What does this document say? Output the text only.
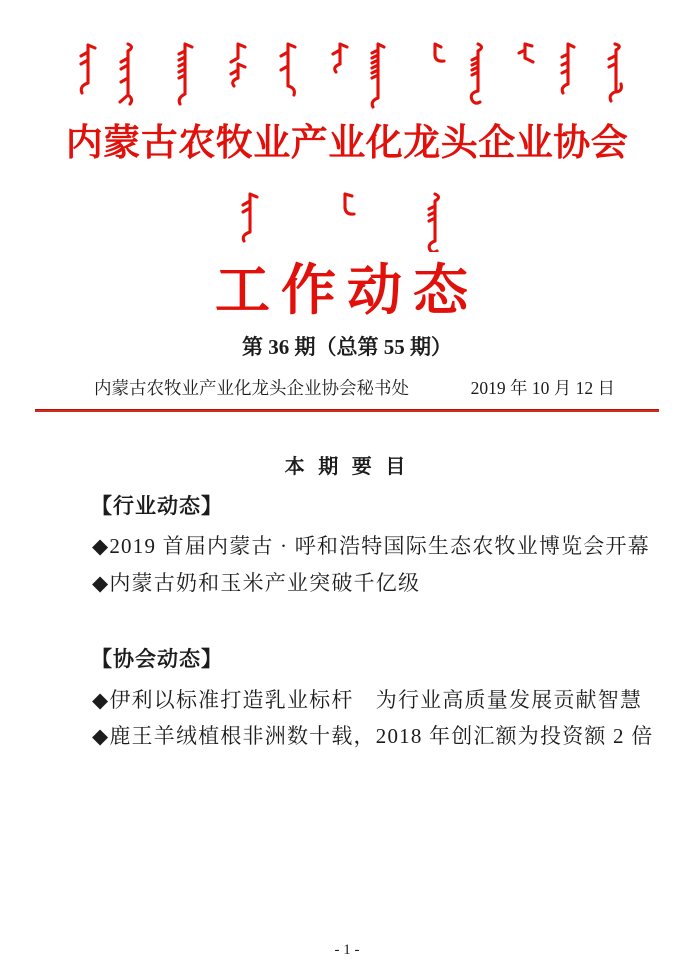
内蒙古农牧业产业化龙头企业协会
工作动态
第 36 期（总第 55 期）
内蒙古农牧业产业化龙头企业协会秘书处	2019 年 10 月 12 日
本 期 要 目
【行业动态】
◆2019 首届内蒙古 · 呼和浩特国际生态农牧业博览会开幕
◆内蒙古奶和玉米产业突破千亿级
【协会动态】
◆伊利以标准打造乳业标杆　为行业高质量发展贡献智慧
◆鹿王羊绒植根非洲数十载，2018 年创汇额为投资额 2 倍
- 1 -
